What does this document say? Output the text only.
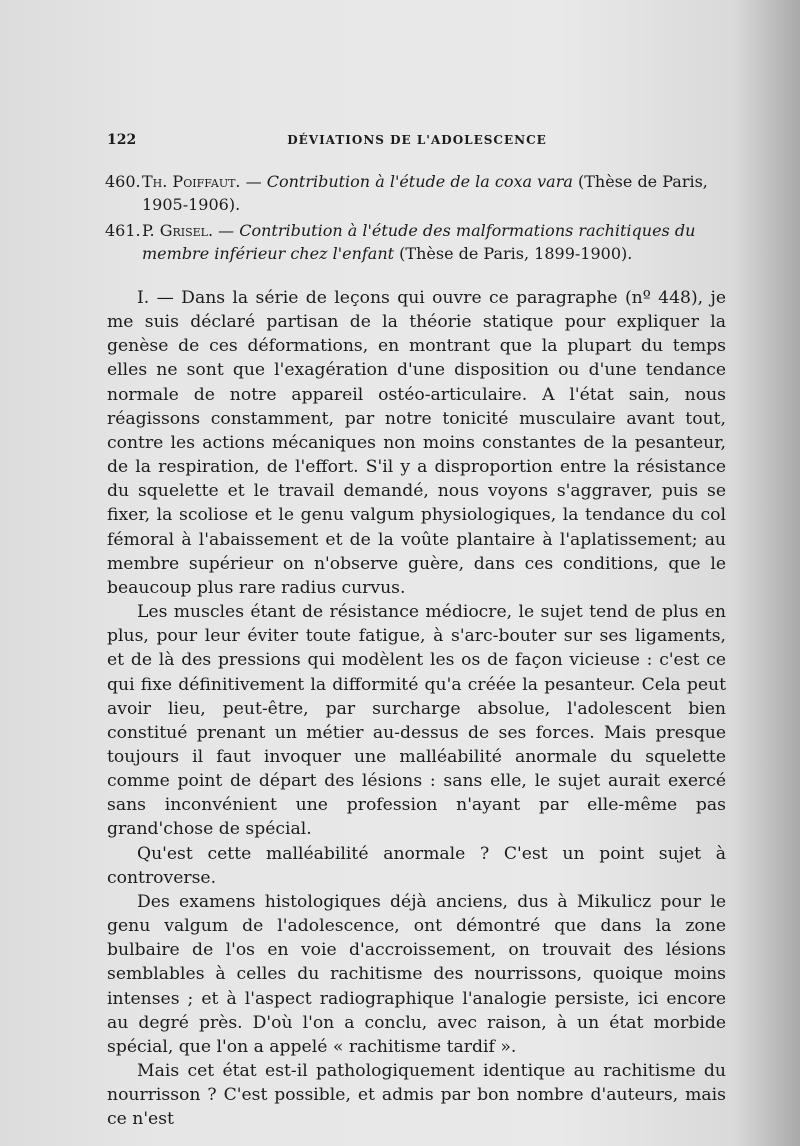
122	DÉVIATIONS DE L'ADOLESCENCE
460. Th. Poiffaut. — Contribution à l'étude de la coxa vara (Thèse de Paris, 1905-1906).
461. P. Grisel. — Contribution à l'étude des malformations rachitiques du membre inférieur chez l'enfant (Thèse de Paris, 1899-1900).

I. — Dans la série de leçons qui ouvre ce paragraphe (nº 448), je me suis déclaré partisan de la théorie statique pour expliquer la genèse de ces déformations, en montrant que la plupart du temps elles ne sont que l'exagération d'une disposition ou d'une tendance normale de notre appareil ostéo-articulaire. A l'état sain, nous réagissons constamment, par notre tonicité musculaire avant tout, contre les actions mécaniques non moins constantes de la pesanteur, de la respiration, de l'effort. S'il y a disproportion entre la résistance du squelette et le travail demandé, nous voyons s'aggraver, puis se fixer, la scoliose et le genu valgum physiologiques, la tendance du col fémoral à l'abaissement et de la voûte plantaire à l'aplatissement; au membre supérieur on n'observe guère, dans ces conditions, que le beaucoup plus rare radius curvus.

Les muscles étant de résistance médiocre, le sujet tend de plus en plus, pour leur éviter toute fatigue, à s'arc-bouter sur ses ligaments, et de là des pressions qui modèlent les os de façon vicieuse : c'est ce qui fixe définitivement la difformité qu'a créée la pesanteur. Cela peut avoir lieu, peut-être, par surcharge absolue, l'adolescent bien constitué prenant un métier au-dessus de ses forces. Mais presque toujours il faut invoquer une malléabilité anormale du squelette comme point de départ des lésions : sans elle, le sujet aurait exercé sans inconvénient une profession n'ayant par elle-même pas grand'chose de spécial.

Qu'est cette malléabilité anormale ? C'est un point sujet à controverse.

Des examens histologiques déjà anciens, dus à Mikulicz pour le genu valgum de l'adolescence, ont démontré que dans la zone bulbaire de l'os en voie d'accroissement, on trouvait des lésions semblables à celles du rachitisme des nourrissons, quoique moins intenses ; et à l'aspect radiographique l'analogie persiste, ici encore au degré près. D'où l'on a conclu, avec raison, à un état morbide spécial, que l'on a appelé « rachitisme tardif ».

Mais cet état est-il pathologiquement identique au rachitisme du nourrisson ? C'est possible, et admis par bon nombre d'auteurs, mais ce n'est
